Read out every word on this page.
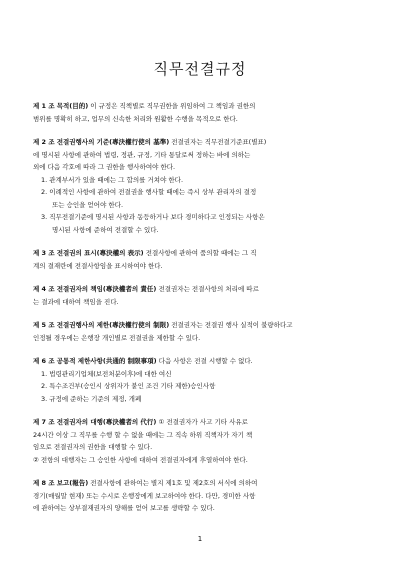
직무전결규정
제 1 조 목적(目的) 이 규정은 직책별로 직무권한을 위임하여 그 책임과 권한의
범위를 명확히 하고, 업무의 신속한 처리와 원활한 수행을 목적으로 한다.
제 2 조 전결권행사의 기준(專決權行使의 基準) 전결권자는 직무전결기준표(별표)
에 명시된 사항에 관하여 법령, 정관, 규정, 기타 통달로써 정하는 바에 의하는
외에 다음 각호에 따라 그 권한을 행사하여야 한다.
1. 관계부서가 있을 때에는 그 합의를 거쳐야 한다.
2. 이례적인 사항에 관하여 전결권을 행사할 때에는 즉시 상부 관리자의 결정
또는 승인을 얻어야 한다.
3. 직무전결기준에 명시된 사항과 동등하거나 보다 경미하다고 인정되는 사항은
명시된 사항에 준하여 전결할 수 있다.
제 3 조 전결권의 표시(專決權의 表示) 전결사항에 관하여 품의할 때에는 그 직
계의 결재란에 전결사항임을 표시하여야 한다.
제 4 조 전결권자의 책임(專決權者의 責任) 전결권자는 전결사항의 처리에 따르
는 결과에 대하여 책임을 진다.
제 5 조 전결권행사의 제한(專決權行使의 制限) 전결권자는 전결권 행사 실적이 불량하다고
인정될 경우에는 은행장 개인별로 전결권을 제한할 수 있다.
제 6 조 공통적 제한사항(共通的 制限事項) 다음 사항은 전결 시행할 수 없다.
1. 법령관리기업체(보전처분이후)에 대한 여신
2. 특수조건부(승인시 상위자가 붙인 조건 기타 제한)승인사항
3. 규정에 준하는 기준의 제정, 개폐
제 7 조 전결권자의 대행(專決權者의 代行) ① 전결권자가 사고 기타 사유로
24시간 이상 그 직무를 수행 할 수 없을 때에는 그 직속 하위 직책자가 자기 책
임으로 전결권자의 권한을 대행할 수 있다.
② 전항의 대행자는 그 승인한 사항에 대하여 전결권자에게 후열하여야 한다.
제 8 조 보고(報告) 전결사항에 관하여는 별지 제1호 및 제2호의 서식에 의하여
경기(매월말 현재) 또는 수시로 은행장에게 보고하여야 한다. 다만, 경미한 사항
에 관하여는 상부결재권자의 양해를 얻어 보고를 생략할 수 있다.
1
